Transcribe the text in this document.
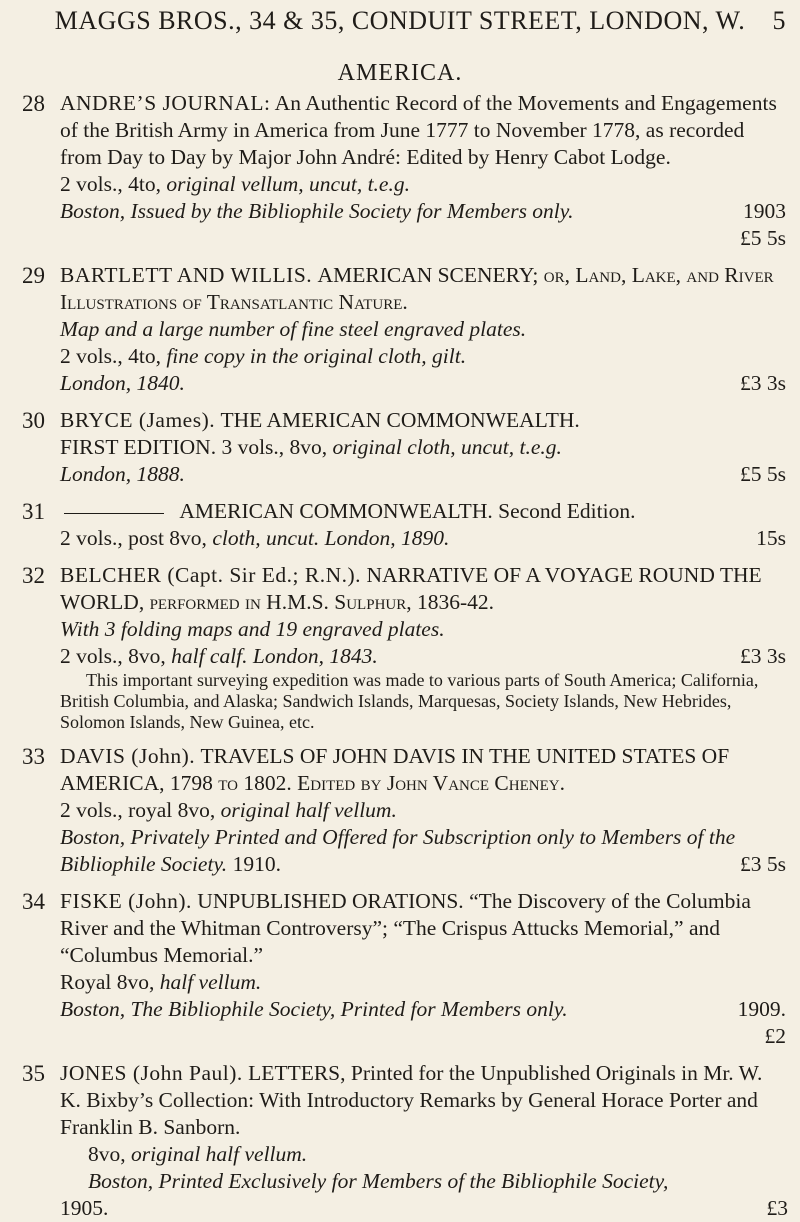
MAGGS BROS., 34 & 35, CONDUIT STREET, LONDON, W. 5
AMERICA.
28 ANDRE’S JOURNAL: An Authentic Record of the Movements and Engagements of the British Army in America from June 1777 to November 1778, as recorded from Day to Day by Major John André: Edited by Henry Cabot Lodge.
2 vols., 4to, original vellum, uncut, t.e.g.
Boston, Issued by the Bibliophile Society for Members only.	1903
£5 5s
29 BARTLETT AND WILLIS. AMERICAN SCENERY; or, Land, Lake, and River Illustrations of Transatlantic Nature.
Map and a large number of fine steel engraved plates.
2 vols., 4to, fine copy in the original cloth, gilt.
London, 1840.	£3 3s
30 BRYCE (James). THE AMERICAN COMMONWEALTH.
FIRST EDITION. 3 vols., 8vo, original cloth, uncut, t.e.g.
London, 1888.	£5 5s
31	AMERICAN COMMONWEALTH. Second Edition.
2 vols., post 8vo, cloth, uncut. London, 1890.	15s
32 BELCHER (Capt. Sir Ed.; R.N.). NARRATIVE OF A VOYAGE ROUND THE WORLD, performed in H.M.S. Sulphur, 1836-42.
With 3 folding maps and 19 engraved plates.
2 vols., 8vo, half calf. London, 1843.	£3 3s
This important surveying expedition was made to various parts of South America; California, British Columbia, and Alaska; Sandwich Islands, Marquesas, Society Islands, New Hebrides, Solomon Islands, New Guinea, etc.
33 DAVIS (John). TRAVELS OF JOHN DAVIS IN THE UNITED STATES OF AMERICA, 1798 to 1802. Edited by John Vance Cheney.
2 vols., royal 8vo, original half vellum.
Boston, Privately Printed and Offered for Subscription only to Members of the Bibliophile Society. 1910.	£3 5s
34 FISKE (John). UNPUBLISHED ORATIONS. “The Discovery of the Columbia River and the Whitman Controversy”; “The Crispus Attucks Memorial,” and “Columbus Memorial.”
Royal 8vo, half vellum.
Boston, The Bibliophile Society, Printed for Members only.	1909.
£2
35 JONES (John Paul). LETTERS, Printed for the Unpublished Originals in Mr. W. K. Bixby’s Collection: With Introductory Remarks by General Horace Porter and Franklin B. Sanborn.
8vo, original half vellum.
Boston, Printed Exclusively for Members of the Bibliophile Society,
1905.	£3
